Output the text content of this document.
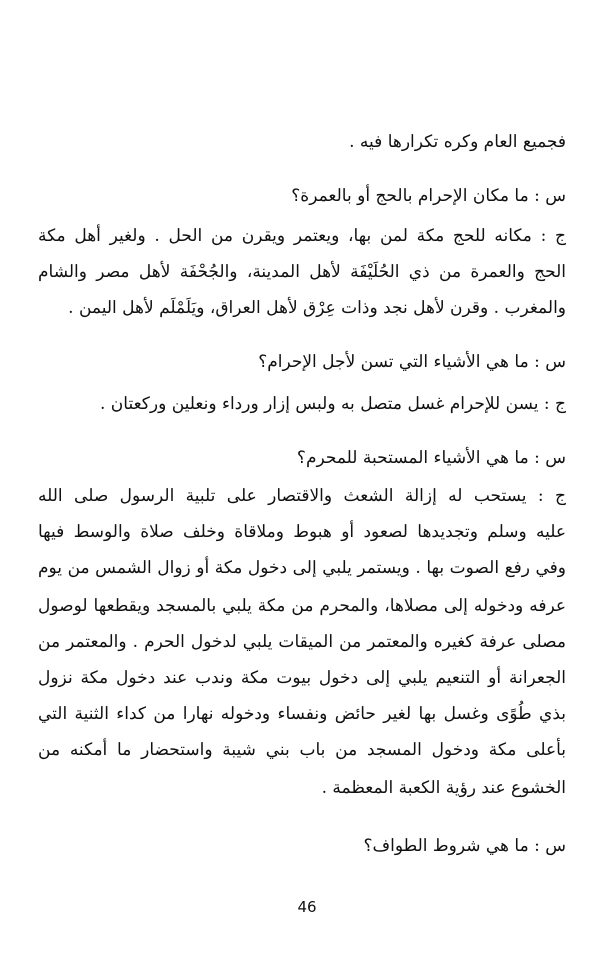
فجميع العام وكره تكرارها فيه .
س : ما مكان الإحرام بالحج أو بالعمرة؟
ج : مكانه للحج مكة لمن بها، ويعتمر ويقرن من الحل . ولغير أهل مكة
الحج والعمرة من ذي الحُلَيْفَة لأهل المدينة، والجُحْفَة لأهل مصر والشام
والمغرب . وقرن لأهل نجد وذات عِرْق لأهل العراق، ويَلَمْلَم لأهل اليمن .
س : ما هي الأشياء التي تسن لأجل الإحرام؟
ج : يسن للإحرام غسل متصل به ولبس إزار ورداء ونعلين وركعتان .
س : ما هي الأشياء المستحبة للمحرم؟
ج : يستحب له إزالة الشعث والاقتصار على تلبية الرسول صلى الله
عليه وسلم وتجديدها لصعود أو هبوط وملاقاة وخلف صلاة والوسط فيها
وفي رفع الصوت بها . ويستمر يلبي إلى دخول مكة أو زوال الشمس من يوم
عرفه ودخوله إلى مصلاها، والمحرم من مكة يلبي بالمسجد ويقطعها لوصول
مصلى عرفة كغيره والمعتمر من الميقات يلبي لدخول الحرم . والمعتمر من
الجعرانة أو التنعيم يلبي إلى دخول بيوت مكة وندب عند دخول مكة نزول
بذي طُوًى وغسل بها لغير حائض ونفساء ودخوله نهارا من كداء الثنية التي
بأعلى مكة ودخول المسجد من باب بني شيبة واستحضار ما أمكنه من
الخشوع عند رؤية الكعبة المعظمة .
س : ما هي شروط الطواف؟
46
